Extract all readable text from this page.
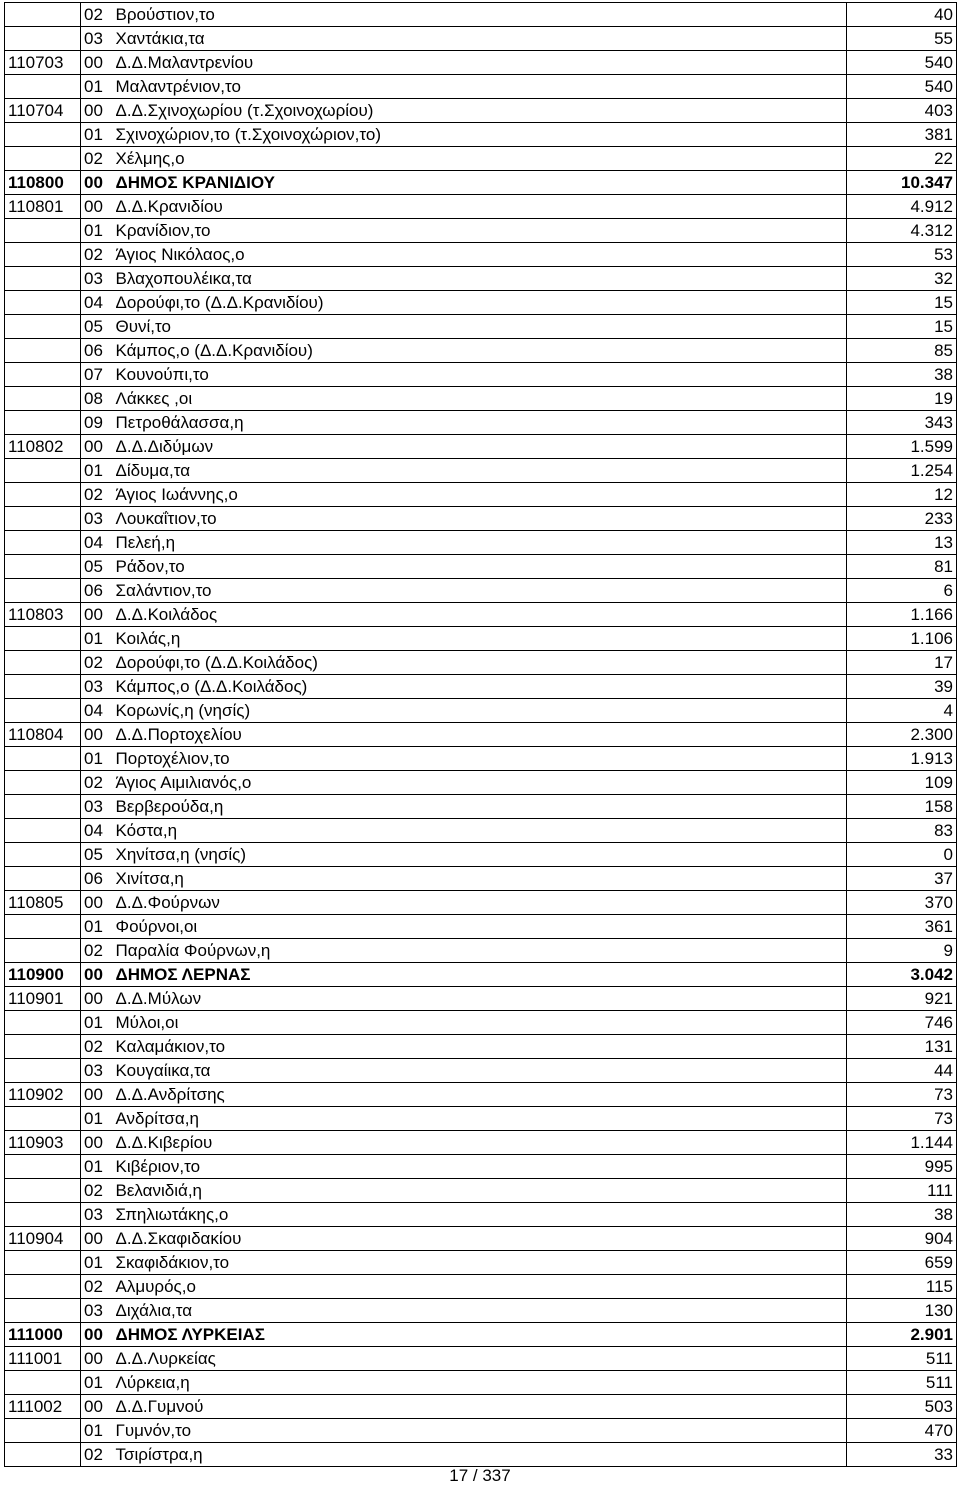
	02	Βρούστιον,το	40
	03	Χαντάκια,τα	55
110703	00	Δ.Δ.Μαλαντρενίου	540
	01	Μαλαντρένιον,το	540
110704	00	Δ.Δ.Σχινοχωρίου (τ.Σχοινοχωρίου)	403
	01	Σχινοχώριον,το (τ.Σχοινοχώριον,το)	381
	02	Χέλμης,ο	22
110800	00	ΔΗΜΟΣ ΚΡΑΝΙΔΙΟΥ	10.347
110801	00	Δ.Δ.Κρανιδίου	4.912
	01	Κρανίδιον,το	4.312
	02	Άγιος Νικόλαος,ο	53
	03	Βλαχοπουλέικα,τα	32
	04	Δορούφι,το (Δ.Δ.Κρανιδίου)	15
	05	Θυνί,το	15
	06	Κάμπος,ο (Δ.Δ.Κρανιδίου)	85
	07	Κουνούπι,το	38
	08	Λάκκες ,οι	19
	09	Πετροθάλασσα,η	343
110802	00	Δ.Δ.Διδύμων	1.599
	01	Δίδυμα,τα	1.254
	02	Άγιος Ιωάννης,ο	12
	03	Λουκαΐτιον,το	233
	04	Πελεή,η	13
	05	Ράδον,το	81
	06	Σαλάντιον,το	6
110803	00	Δ.Δ.Κοιλάδος	1.166
	01	Κοιλάς,η	1.106
	02	Δορούφι,το (Δ.Δ.Κοιλάδος)	17
	03	Κάμπος,ο (Δ.Δ.Κοιλάδος)	39
	04	Κορωνίς,η (νησίς)	4
110804	00	Δ.Δ.Πορτοχελίου	2.300
	01	Πορτοχέλιον,το	1.913
	02	Άγιος Αιμιλιανός,ο	109
	03	Βερβερούδα,η	158
	04	Κόστα,η	83
	05	Χηνίτσα,η (νησίς)	0
	06	Χινίτσα,η	37
110805	00	Δ.Δ.Φούρνων	370
	01	Φούρνοι,οι	361
	02	Παραλία Φούρνων,η	9
110900	00	ΔΗΜΟΣ ΛΕΡΝΑΣ	3.042
110901	00	Δ.Δ.Μύλων	921
	01	Μύλοι,οι	746
	02	Καλαμάκιον,το	131
	03	Κουγαίικα,τα	44
110902	00	Δ.Δ.Ανδρίτσης	73
	01	Ανδρίτσα,η	73
110903	00	Δ.Δ.Κιβερίου	1.144
	01	Κιβέριον,το	995
	02	Βελανιδιά,η	111
	03	Σπηλιωτάκης,ο	38
110904	00	Δ.Δ.Σκαφιδακίου	904
	01	Σκαφιδάκιον,το	659
	02	Αλμυρός,ο	115
	03	Διχάλια,τα	130
111000	00	ΔΗΜΟΣ ΛΥΡΚΕΙΑΣ	2.901
111001	00	Δ.Δ.Λυρκείας	511
	01	Λύρκεια,η	511
111002	00	Δ.Δ.Γυμνού	503
	01	Γυμνόν,το	470
	02	Τσιρίστρα,η	33
17 / 337
